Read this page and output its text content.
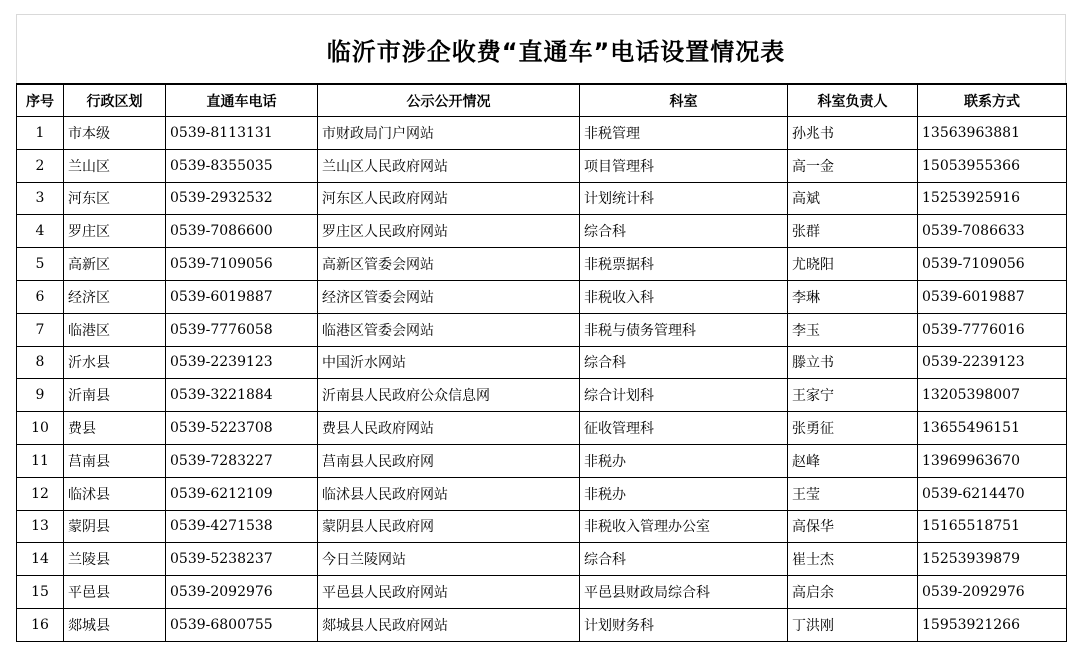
临沂市涉企收费“直通车”电话设置情况表
序号	行政区划	直通车电话	公示公开情况	科室	科室负责人	联系方式
1	市本级	0539-8113131	市财政局门户网站	非税管理	孙兆书	13563963881
2	兰山区	0539-8355035	兰山区人民政府网站	项目管理科	高一金	15053955366
3	河东区	0539-2932532	河东区人民政府网站	计划统计科	高斌	15253925916
4	罗庄区	0539-7086600	罗庄区人民政府网站	综合科	张群	0539-7086633
5	高新区	0539-7109056	高新区管委会网站	非税票据科	尤晓阳	0539-7109056
6	经济区	0539-6019887	经济区管委会网站	非税收入科	李琳	0539-6019887
7	临港区	0539-7776058	临港区管委会网站	非税与债务管理科	李玉	0539-7776016
8	沂水县	0539-2239123	中国沂水网站	综合科	滕立书	0539-2239123
9	沂南县	0539-3221884	沂南县人民政府公众信息网	综合计划科	王家宁	13205398007
10	费县	0539-5223708	费县人民政府网站	征收管理科	张勇征	13655496151
11	莒南县	0539-7283227	莒南县人民政府网	非税办	赵峰	13969963670
12	临沭县	0539-6212109	临沭县人民政府网站	非税办	王莹	0539-6214470
13	蒙阴县	0539-4271538	蒙阴县人民政府网	非税收入管理办公室	高保华	15165518751
14	兰陵县	0539-5238237	今日兰陵网站	综合科	崔士杰	15253939879
15	平邑县	0539-2092976	平邑县人民政府网站	平邑县财政局综合科	高启余	0539-2092976
16	郯城县	0539-6800755	郯城县人民政府网站	计划财务科	丁洪刚	15953921266
